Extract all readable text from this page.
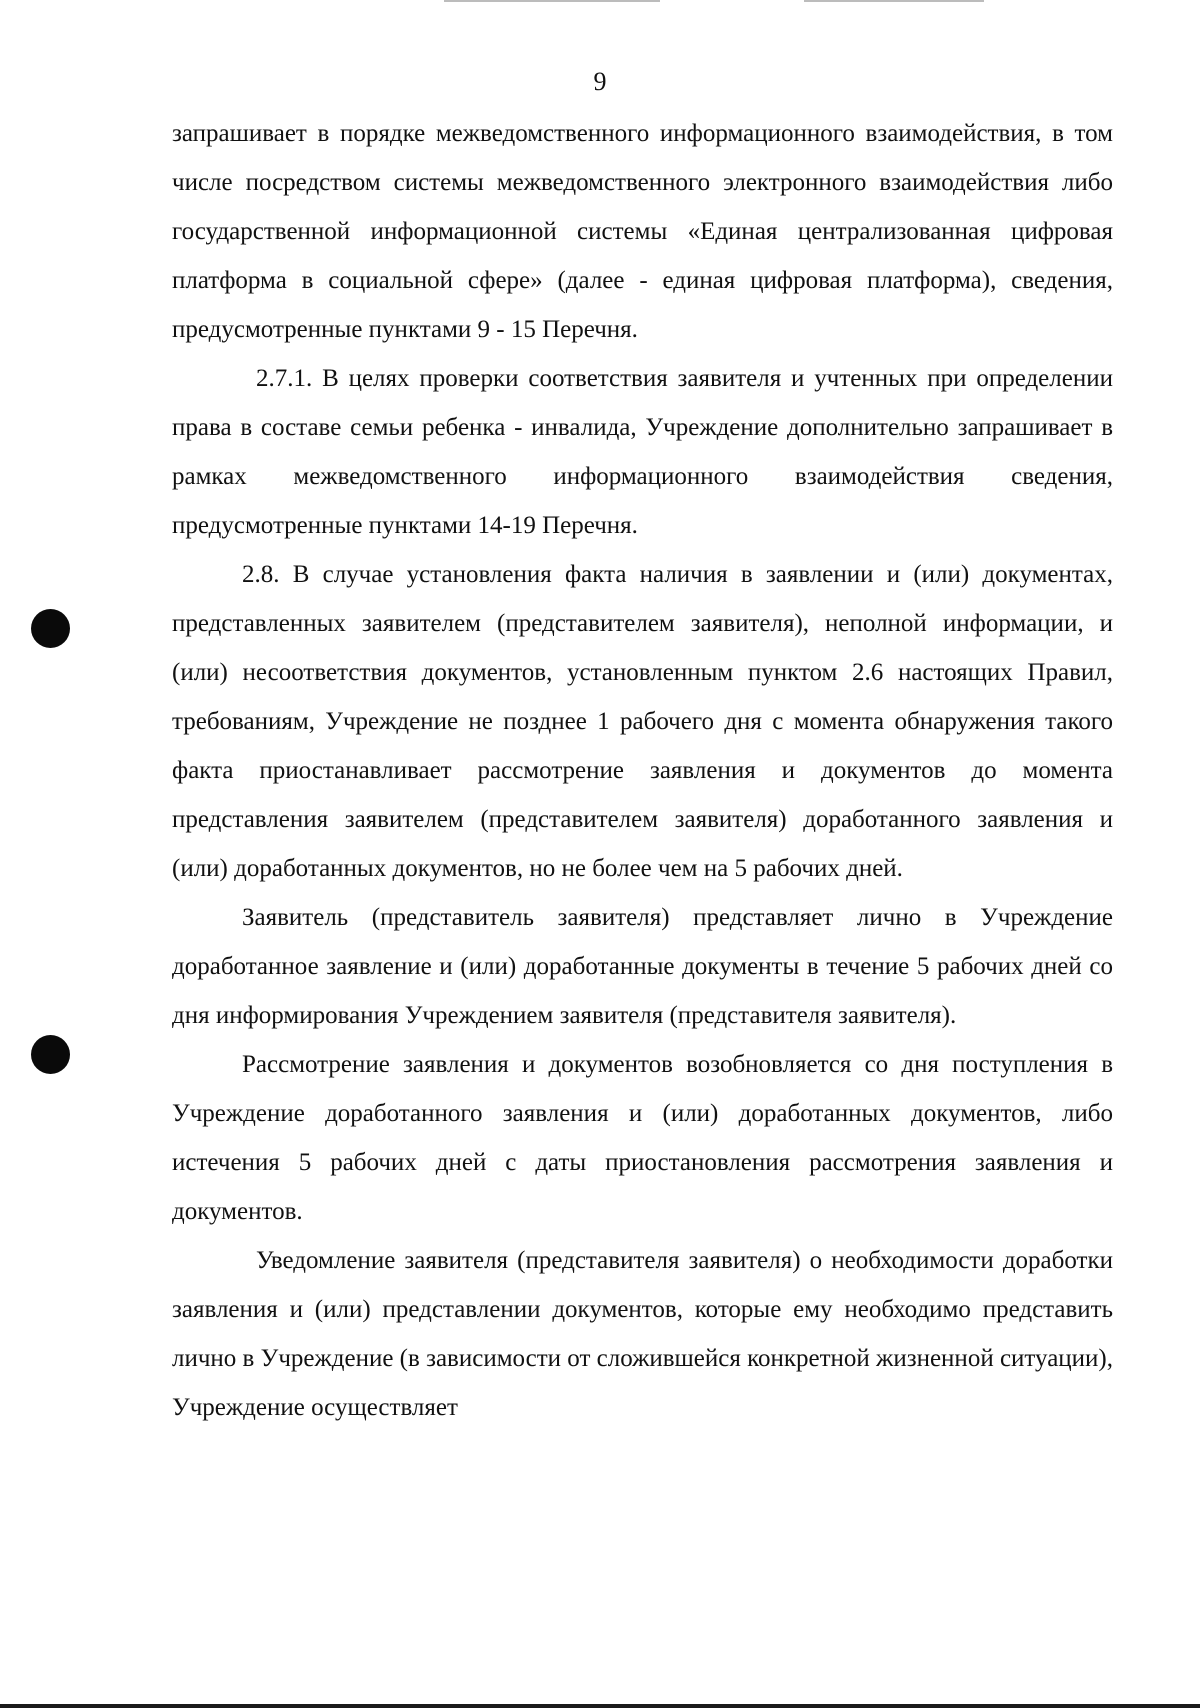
9

запрашивает в порядке межведомственного информационного взаимодействия, в том числе посредством системы межведомственного электронного взаимодействия либо государственной информационной системы «Единая централизованная цифровая платформа в социальной сфере» (далее - единая цифровая платформа), сведения, предусмотренные пунктами 9 - 15 Перечня.

2.7.1. В целях проверки соответствия заявителя и учтенных при определении права в составе семьи ребенка - инвалида, Учреждение дополнительно запрашивает в рамках межведомственного информационного взаимодействия сведения, предусмотренные пунктами 14-19 Перечня.

2.8. В случае установления факта наличия в заявлении и (или) документах, представленных заявителем (представителем заявителя), неполной информации, и (или) несоответствия документов, установленным пунктом 2.6 настоящих Правил, требованиям, Учреждение не позднее 1 рабочего дня с момента обнаружения такого факта приостанавливает рассмотрение заявления и документов до момента представления заявителем (представителем заявителя) доработанного заявления и (или) доработанных документов, но не более чем на 5 рабочих дней.

Заявитель (представитель заявителя) представляет лично в Учреждение доработанное заявление и (или) доработанные документы в течение 5 рабочих дней со дня информирования Учреждением заявителя (представителя заявителя).

Рассмотрение заявления и документов возобновляется со дня поступления в Учреждение доработанного заявления и (или) доработанных документов, либо истечения 5 рабочих дней с даты приостановления рассмотрения заявления и документов.

Уведомление заявителя (представителя заявителя) о необходимости доработки заявления и (или) представлении документов, которые ему необходимо представить лично в Учреждение (в зависимости от сложившейся конкретной жизненной ситуации), Учреждение осуществляет
